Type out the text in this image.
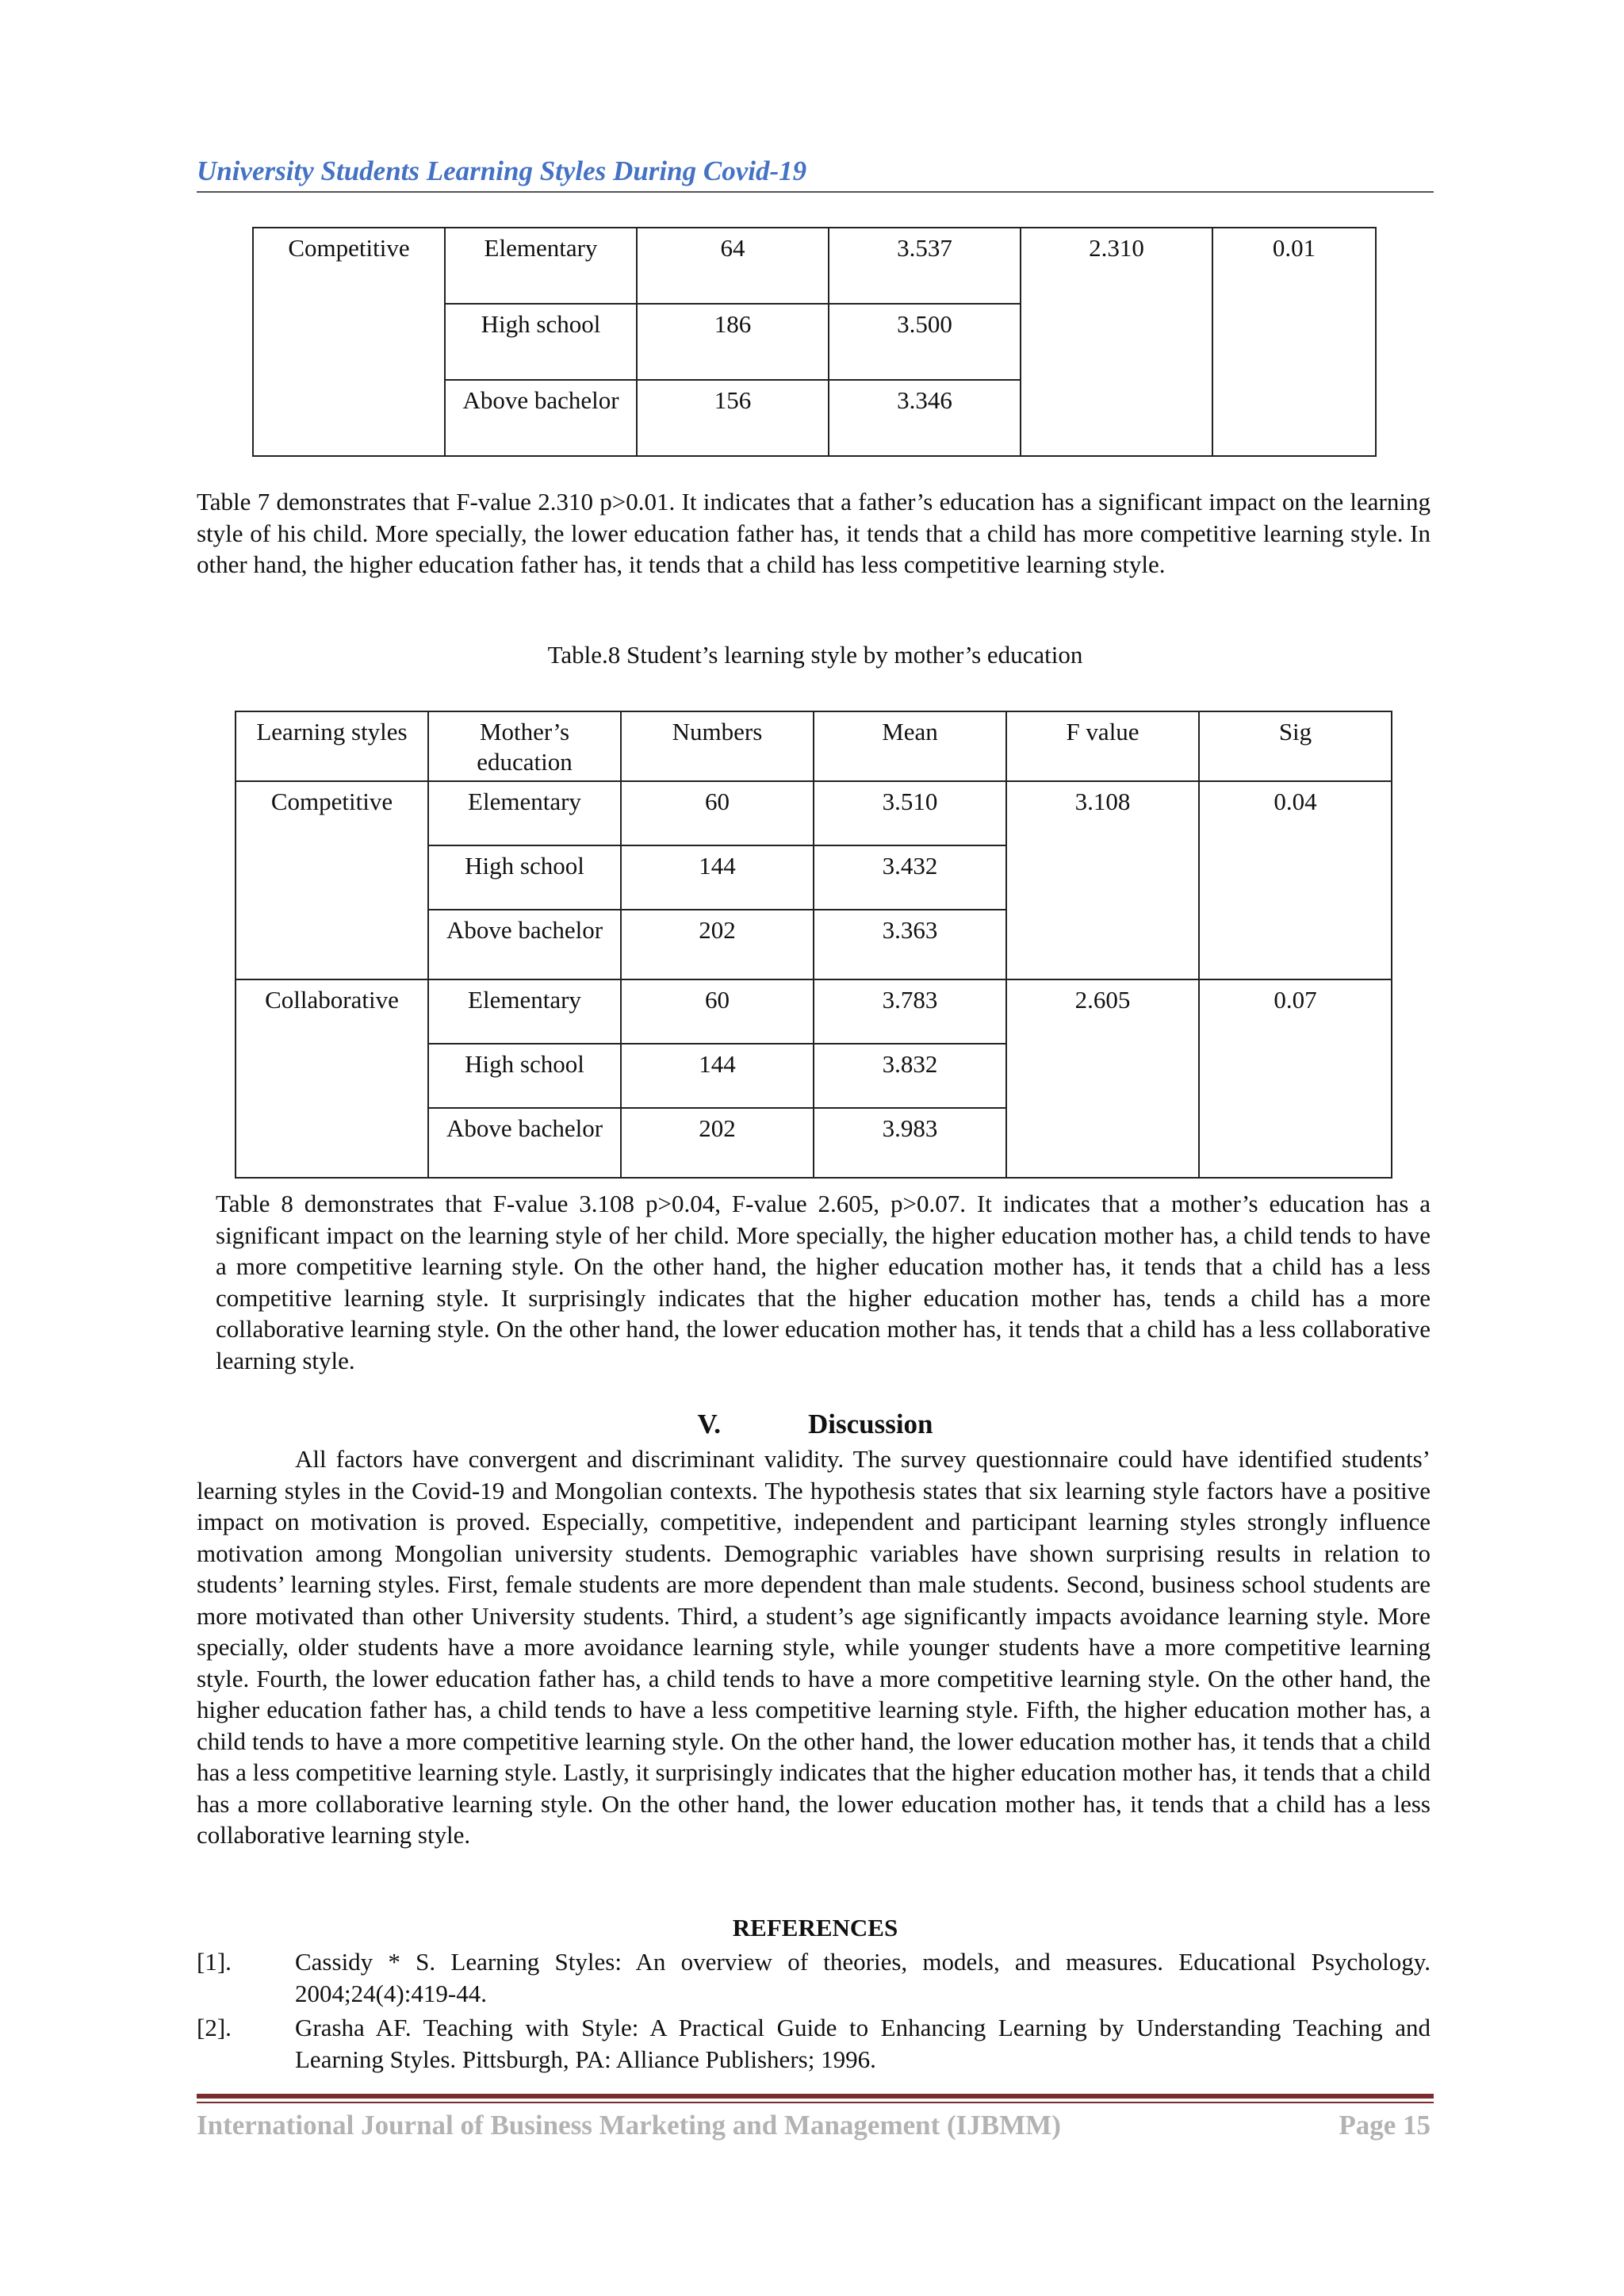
University Students Learning Styles During Covid-19
Competitive	Elementary	64	3.537	2.310	0.01
	High school	186	3.500		
	Above bachelor	156	3.346		

Table 7 demonstrates that F-value 2.310 p>0.01. It indicates that a father’s education has a significant impact on the learning style of his child. More specially, the lower education father has, it tends that a child has more competitive learning style. In other hand, the higher education father has, it tends that a child has less competitive learning style.

Table.8 Student’s learning style by mother’s education
Learning styles	Mother’s education	Numbers	Mean	F value	Sig
Competitive	Elementary	60	3.510	3.108	0.04
	High school	144	3.432		
	Above bachelor	202	3.363		
Collaborative	Elementary	60	3.783	2.605	0.07
	High school	144	3.832		
	Above bachelor	202	3.983		

Table 8 demonstrates that F-value 3.108 p>0.04, F-value 2.605, p>0.07. It indicates that a mother’s education has a significant impact on the learning style of her child. More specially, the higher education mother has, a child tends to have a more competitive learning style. On the other hand, the higher education mother has, it tends that a child has a less competitive learning style. It surprisingly indicates that the higher education mother has, tends a child has a more collaborative learning style. On the other hand, the lower education mother has, it tends that a child has a less collaborative learning style.

V.	Discussion

All factors have convergent and discriminant validity. The survey questionnaire could have identified students’ learning styles in the Covid-19 and Mongolian contexts. The hypothesis states that six learning style factors have a positive impact on motivation is proved. Especially, competitive, independent and participant learning styles strongly influence motivation among Mongolian university students. Demographic variables have shown surprising results in relation to students’ learning styles. First, female students are more dependent than male students. Second, business school students are more motivated than other University students. Third, a student’s age significantly impacts avoidance learning style. More specially, older students have a more avoidance learning style, while younger students have a more competitive learning style. Fourth, the lower education father has, a child tends to have a more competitive learning style. On the other hand, the higher education father has, a child tends to have a less competitive learning style. Fifth, the higher education mother has, a child tends to have a more competitive learning style. On the other hand, the lower education mother has, it tends that a child has a less competitive learning style. Lastly, it surprisingly indicates that the higher education mother has, it tends that a child has a more collaborative learning style. On the other hand, the lower education mother has, it tends that a child has a less collaborative learning style.

REFERENCES
[1].	Cassidy * S. Learning Styles: An overview of theories, models, and measures. Educational Psychology. 2004;24(4):419-44.
[2].	Grasha AF. Teaching with Style: A Practical Guide to Enhancing Learning by Understanding Teaching and Learning Styles. Pittsburgh, PA: Alliance Publishers; 1996.
International Journal of Business Marketing and Management (IJBMM)	Page 15
